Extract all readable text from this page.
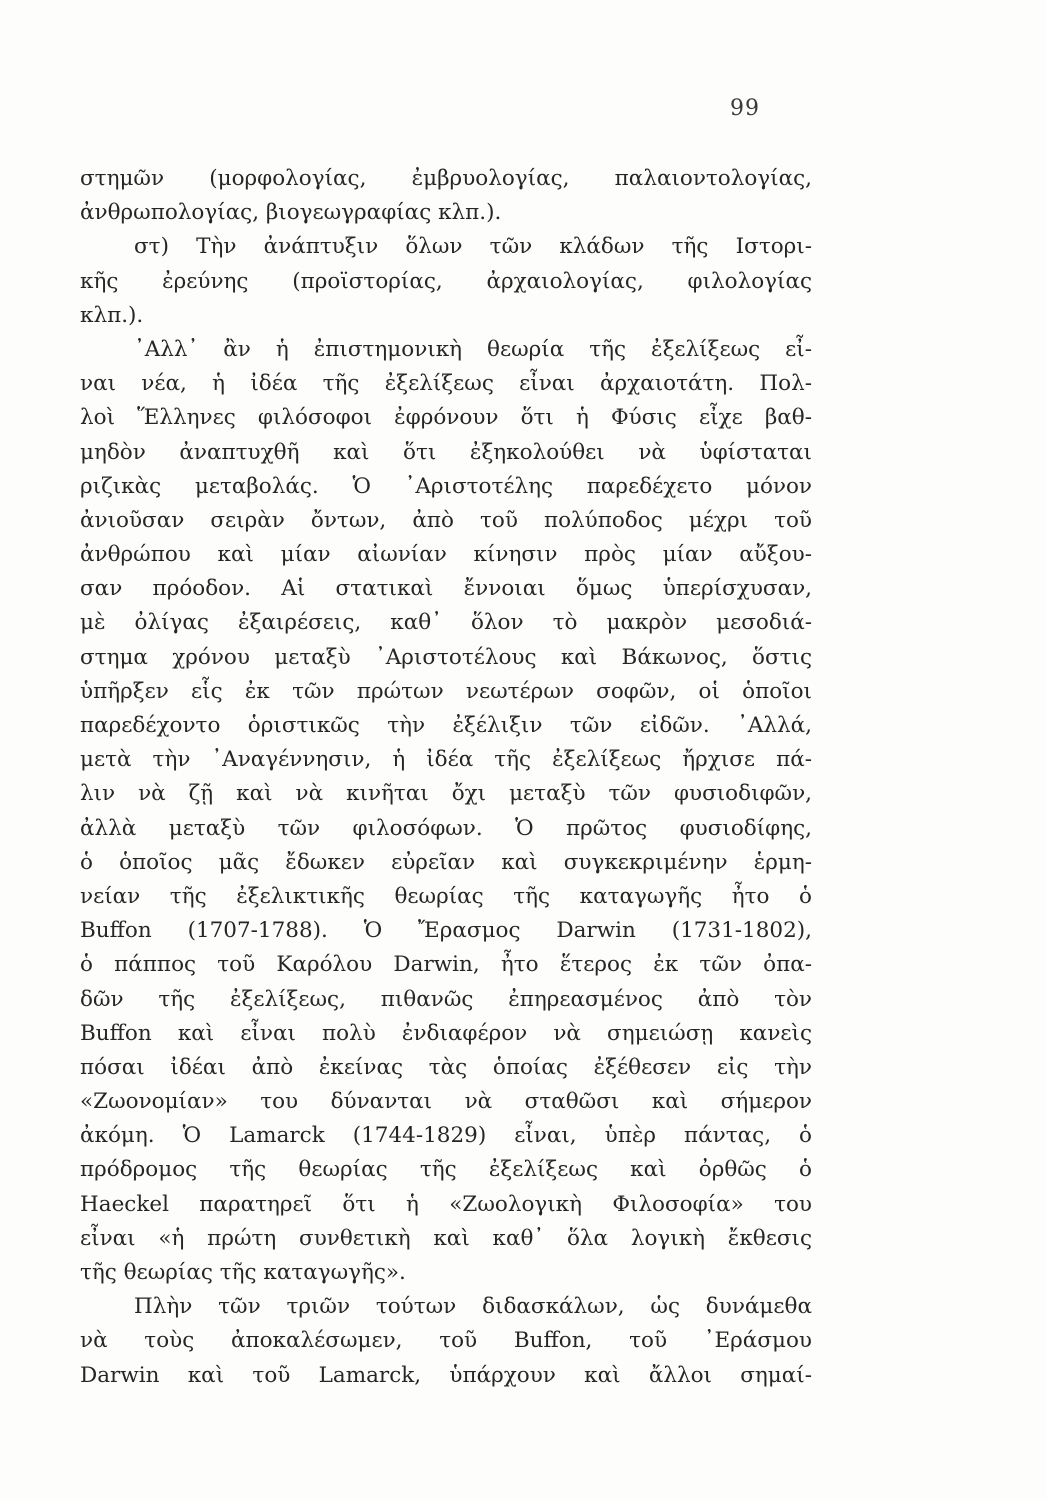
99
στημῶν (μορφολογίας, ἐμβρυολογίας, παλαιοντολογίας,
ἀνθρωπολογίας, βιογεωγραφίας κλπ.).
στ) Τὴν ἀνάπτυξιν ὅλων τῶν κλάδων τῆς Ιστορι-
κῆς ἐρεύνης (προϊστορίας, ἀρχαιολογίας, φιλολογίας
κλπ.).
᾿Αλλ᾿ ἂν ἡ ἐπιστημονικὴ θεωρία τῆς ἐξελίξεως εἶ-
ναι νέα, ἡ ἰδέα τῆς ἐξελίξεως εἶναι ἀρχαιοτάτη. Πολ-
λοὶ Ἕλληνες φιλόσοφοι ἐφρόνουν ὅτι ἡ Φύσις εἶχε βαθ-
μηδὸν ἀναπτυχθῆ καὶ ὅτι ἐξηκολούθει νὰ ὑφίσταται
ριζικὰς μεταβολάς. Ὁ ᾿Αριστοτέλης παρεδέχετο μόνον
ἀνιοῦσαν σειρὰν ὄντων, ἀπὸ τοῦ πολύποδος μέχρι τοῦ
ἀνθρώπου καὶ μίαν αἰωνίαν κίνησιν πρὸς μίαν αὔξου-
σαν πρόοδον. Αἱ στατικαὶ ἔννοιαι ὅμως ὑπερίσχυσαν,
μὲ ὀλίγας ἐξαιρέσεις, καθ᾿ ὅλον τὸ μακρὸν μεσοδιά-
στημα χρόνου μεταξὺ ᾿Αριστοτέλους καὶ Βάκωνος, ὅστις
ὑπῆρξεν εἷς ἐκ τῶν πρώτων νεωτέρων σοφῶν, οἱ ὁποῖοι
παρεδέχοντο ὁριστικῶς τὴν ἐξέλιξιν τῶν εἰδῶν. ᾿Αλλά,
μετὰ τὴν ᾿Αναγέννησιν, ἡ ἰδέα τῆς ἐξελίξεως ἤρχισε πά-
λιν νὰ ζῇ καὶ νὰ κινῆται ὄχι μεταξὺ τῶν φυσιοδιφῶν,
ἀλλὰ μεταξὺ τῶν φιλοσόφων. Ὁ πρῶτος φυσιοδίφης,
ὁ ὁποῖος μᾶς ἔδωκεν εὐρεῖαν καὶ συγκεκριμένην ἑρμη-
νείαν τῆς ἐξελικτικῆς θεωρίας τῆς καταγωγῆς ἦτο ὁ
Buffon (1707-1788). Ὁ Ἔρασμος Darwin (1731-1802),
ὁ πάππος τοῦ Καρόλου Darwin, ἦτο ἕτερος ἐκ τῶν ὀπα-
δῶν τῆς ἐξελίξεως, πιθανῶς ἐπηρεασμένος ἀπὸ τὸν
Buffon καὶ εἶναι πολὺ ἐνδιαφέρον νὰ σημειώσῃ κανεὶς
πόσαι ἰδέαι ἀπὸ ἐκείνας τὰς ὁποίας ἐξέθεσεν εἰς τὴν
«Ζωονομίαν» του δύνανται νὰ σταθῶσι καὶ σήμερον
ἀκόμη. Ὁ Lamarck (1744-1829) εἶναι, ὑπὲρ πάντας, ὁ
πρόδρομος τῆς θεωρίας τῆς ἐξελίξεως καὶ ὀρθῶς ὁ
Haeckel παρατηρεῖ ὅτι ἡ «Ζωολογικὴ Φιλοσοφία» του
εἶναι «ἡ πρώτη συνθετικὴ καὶ καθ᾿ ὅλα λογικὴ ἔκθεσις
τῆς θεωρίας τῆς καταγωγῆς».
Πλὴν τῶν τριῶν τούτων διδασκάλων, ὡς δυνάμεθα
νὰ τοὺς ἀποκαλέσωμεν, τοῦ Buffon, τοῦ ᾿Εράσμου
Darwin καὶ τοῦ Lamarck, ὑπάρχουν καὶ ἄλλοι σημαί-
